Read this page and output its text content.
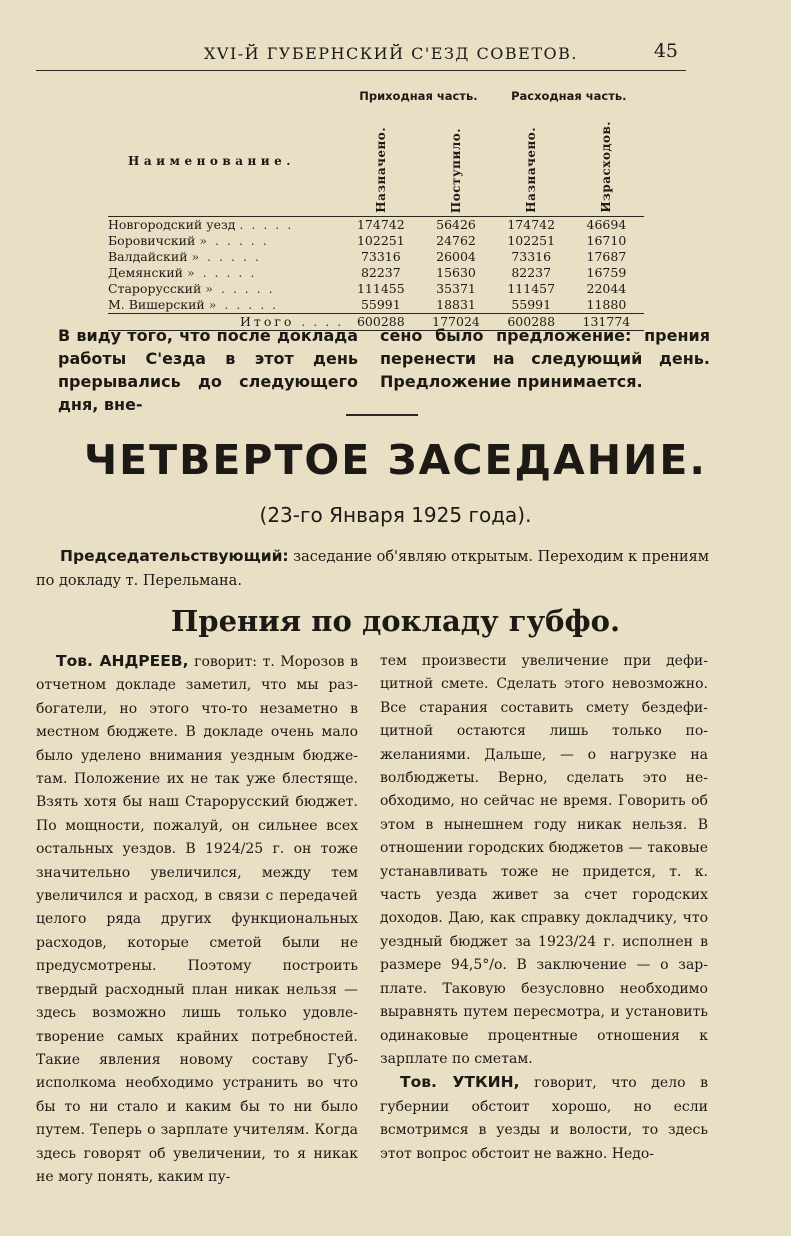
XVI-Й ГУБЕРНСКИЙ С'ЕЗД СОВЕТОВ.	45
	Приходная часть.		Расходная часть.	
Наименование.	Назначено.	Поступило.	Назначено.	Израсходов.
Новгородский уезд . . . . .	174742	56426	174742	46694
Боровичский » . . . . .	102251	24762	102251	16710
Валдайский » . . . . .	73316	26004	73316	17687
Демянский » . . . . .	82237	15630	82237	16759
Старорусский » . . . . .	111455	35371	111457	22044
М. Вишерский » . . . . .	55991	18831	55991	11880
Итого . . . .	600288	177024	600288	131774

В виду того, что после доклада работы С'езда в этот день прерывались до следующего дня, вне-

сено было предложение: прения перенести на следующий день. Предложение принимается.

ЧЕТВЕРТОЕ ЗАСЕДАНИЕ.

(23-го Января 1925 года).

Председательствующий: заседание об'являю открытым. Переходим к прениям по докладу т. Перельмана.

Прения по докладу губфо.

Тов. АНДРЕЕВ, говорит: т. Морозов в отчетном докладе заметил, что мы разбогатели, но этого что-то незаметно в местном бюджете. В докладе очень мало было уделено внимания уездным бюджетам. Положение их не так уже блестяще. Взять хотя бы наш Старорусский бюджет. По мощности, пожалуй, он сильнее всех остальных уездов. В 1924/25 г. он тоже значительно увеличился, между тем увеличился и расход, в связи с передачей целого ряда других функциональных расходов, которые сметой были не предусмотрены. Поэтому построить твердый расходный план никак нельзя — здесь возможно лишь только удовлетворение самых крайних потребностей. Такие явления новому составу Губисполкома необходимо устранить во что бы то ни стало и каким бы то ни было путем. Теперь о зарплате учителям. Когда здесь говорят об увеличении, то я никак не могу понять, каким пу-

тем произвести увеличение при дефицитной смете. Сделать этого невозможно. Все старания составить смету бездефицитной остаются лишь только пожеланиями. Дальше, — о нагрузке на волбюджеты. Верно, сделать это необходимо, но сейчас не время. Говорить об этом в нынешнем году никак нельзя. В отношении городских бюджетов — таковые устанавливать тоже не придется, т. к. часть уезда живет за счет городских доходов. Даю, как справку докладчику, что уездный бюджет за 1923/24 г. исполнен в размере 94,5°/о. В заключение — о зарплате. Таковую безусловно необходимо выравнять путем пересмотра, и установить одинаковые процентные отношения к зарплате по сметам.

Тов. УТКИН, говорит, что дело в губернии обстоит хорошо, но если всмотримся в уезды и волости, то здесь этот вопрос обстоит не важно. Недо-
